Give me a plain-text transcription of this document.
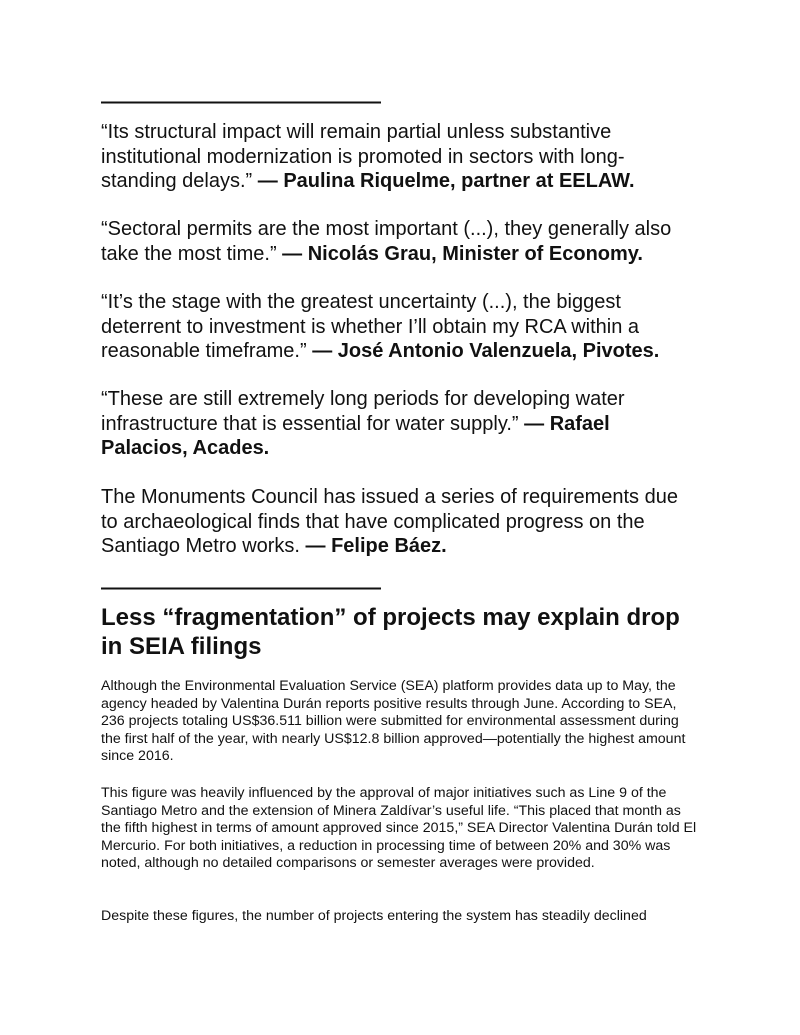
——————————————

“Its structural impact will remain partial unless substantive institutional modernization is promoted in sectors with long-standing delays.” — Paulina Riquelme, partner at EELAW.

“Sectoral permits are the most important (...), they generally also take the most time.” — Nicolás Grau, Minister of Economy.

“It’s the stage with the greatest uncertainty (...), the biggest deterrent to investment is whether I’ll obtain my RCA within a reasonable timeframe.” — José Antonio Valenzuela, Pivotes.

“These are still extremely long periods for developing water infrastructure that is essential for water supply.” — Rafael Palacios, Acades.

The Monuments Council has issued a series of requirements due to archaeological finds that have complicated progress on the Santiago Metro works. — Felipe Báez.

——————————————
Less “fragmentation” of projects may explain drop in SEIA filings

Although the Environmental Evaluation Service (SEA) platform provides data up to May, the agency headed by Valentina Durán reports positive results through June. According to SEA, 236 projects totaling US$36.511 billion were submitted for environmental assessment during the first half of the year, with nearly US$12.8 billion approved—potentially the highest amount since 2016.

This figure was heavily influenced by the approval of major initiatives such as Line 9 of the Santiago Metro and the extension of Minera Zaldívar’s useful life. “This placed that month as the fifth highest in terms of amount approved since 2015,” SEA Director Valentina Durán told El Mercurio. For both initiatives, a reduction in processing time of between 20% and 30% was noted, although no detailed comparisons or semester averages were provided.

Despite these figures, the number of projects entering the system has steadily declined
